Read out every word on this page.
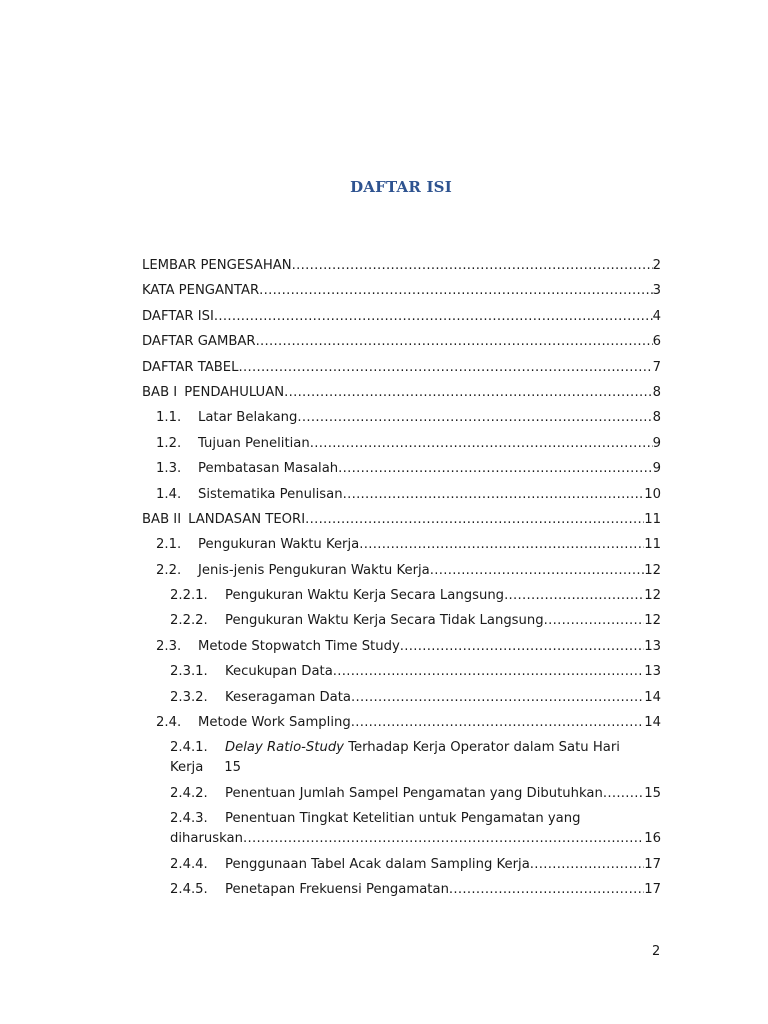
DAFTAR ISI
LEMBAR PENGESAHAN .....	2
KATA PENGANTAR .....	3
DAFTAR ISI .....	4
DAFTAR GAMBAR .....	6
DAFTAR TABEL .....	7
BAB I PENDAHULUAN .....	8
1.1.	Latar Belakang .....	8
1.2.	Tujuan Penelitian .....	9
1.3.	Pembatasan Masalah .....	9
1.4.	Sistematika Penulisan .....	10
BAB II LANDASAN TEORI .....	11
2.1.	Pengukuran Waktu Kerja .....	11
2.2.	Jenis-jenis Pengukuran Waktu Kerja .....	12
2.2.1.	Pengukuran Waktu Kerja Secara Langsung .....	12
2.2.2.	Pengukuran Waktu Kerja Secara Tidak Langsung .....	12
2.3.	Metode Stopwatch Time Study .....	13
2.3.1.	Kecukupan Data .....	13
2.3.2.	Keseragaman Data .....	14
2.4.	Metode Work Sampling .....	14
2.4.1.	Delay Ratio-Study Terhadap Kerja Operator dalam Satu Hari
Kerja 15
2.4.2.	Penentuan Jumlah Sampel Pengamatan yang Dibutuhkan .....	15
2.4.3.	Penentuan Tingkat Ketelitian untuk Pengamatan yang
diharuskan .....	16
2.4.4.	Penggunaan Tabel Acak dalam Sampling Kerja .....	17
2.4.5.	Penetapan Frekuensi Pengamatan .....	17
2
